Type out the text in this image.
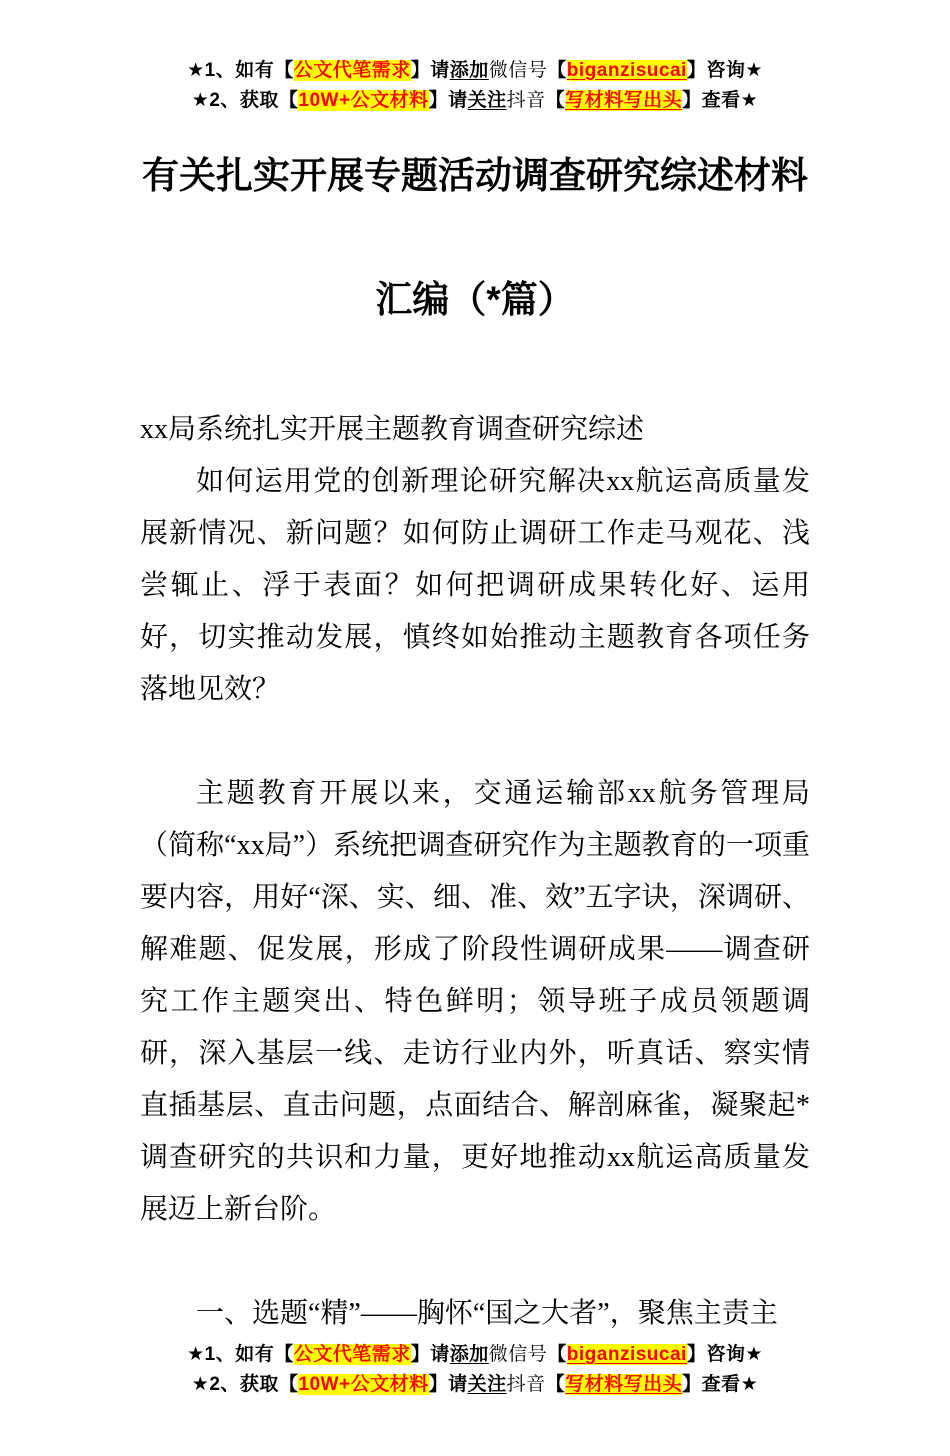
★1、如有【公文代笔需求】请添加微信号【biganzisucai】咨询★
★2、获取【10W+公文材料】请关注抖音【写材料写出头】查看★
有关扎实开展专题活动调查研究综述材料
汇编（*篇）

xx局系统扎实开展主题教育调查研究综述

如何运用党的创新理论研究解决xx航运高质量发展新情况、新问题？如何防止调研工作走马观花、浅尝辄止、浮于表面？如何把调研成果转化好、运用好，切实推动发展，慎终如始推动主题教育各项任务落地见效？

主题教育开展以来，交通运输部xx航务管理局（简称“xx局”）系统把调查研究作为主题教育的一项重要内容，用好“深、实、细、准、效”五字诀，深调研、解难题、促发展，形成了阶段性调研成果——调查研究工作主题突出、特色鲜明；领导班子成员领题调研，深入基层一线、走访行业内外，听真话、察实情直插基层、直击问题，点面结合、解剖麻雀，凝聚起*调查研究的共识和力量，更好地推动xx航运高质量发展迈上新台阶。

一、选题“精”——胸怀“国之大者”，聚焦主责主

★1、如有【公文代笔需求】请添加微信号【biganzisucai】咨询★
★2、获取【10W+公文材料】请关注抖音【写材料写出头】查看★
